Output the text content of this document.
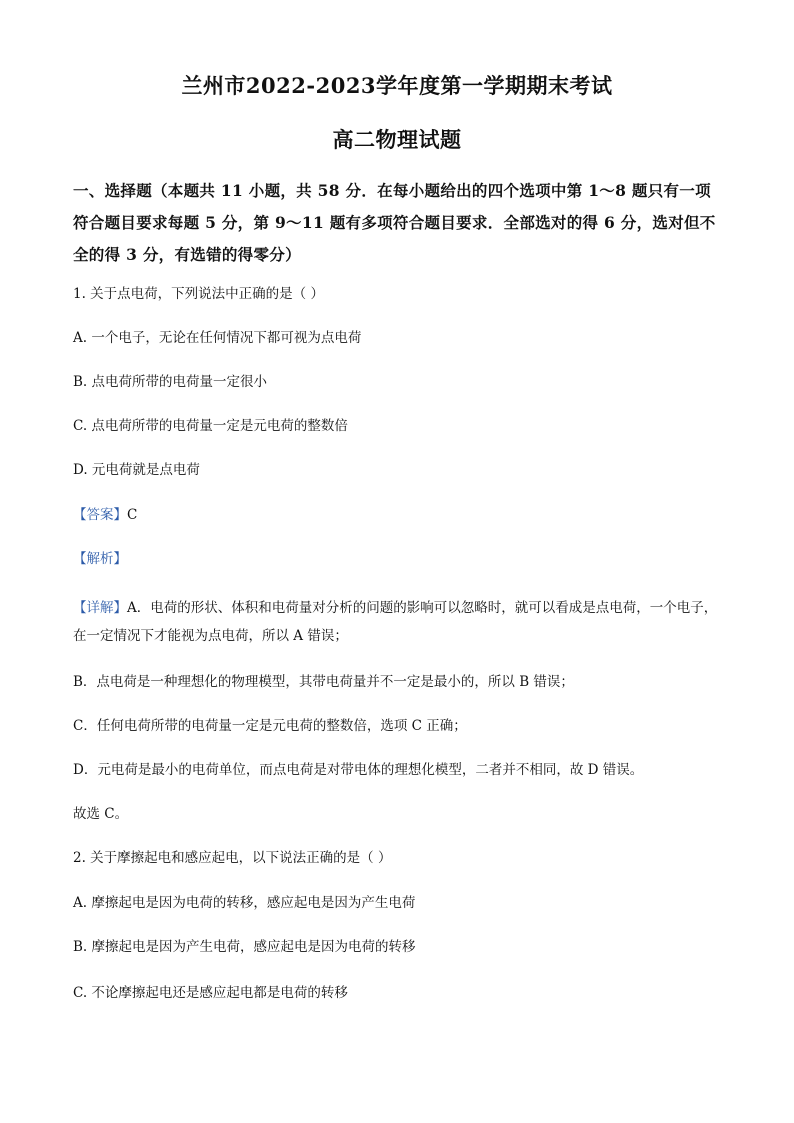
兰州市2022-2023学年度第一学期期末考试
高二物理试题
一、选择题（本题共 11 小题，共 58 分．在每小题给出的四个选项中第 1～8 题只有一项符合题目要求每题 5 分，第 9～11 题有多项符合题目要求．全部选对的得 6 分，选对但不全的得 3 分，有选错的得零分）
1. 关于点电荷，下列说法中正确的是（ ）
A. 一个电子，无论在任何情况下都可视为点电荷
B. 点电荷所带的电荷量一定很小
C. 点电荷所带的电荷量一定是元电荷的整数倍
D. 元电荷就是点电荷
【答案】C
【解析】
【详解】A．电荷的形状、体积和电荷量对分析的问题的影响可以忽略时，就可以看成是点电荷，一个电子，在一定情况下才能视为点电荷，所以 A 错误；
B．点电荷是一种理想化的物理模型，其带电荷量并不一定是最小的，所以 B 错误；
C．任何电荷所带的电荷量一定是元电荷的整数倍，选项 C 正确；
D．元电荷是最小的电荷单位，而点电荷是对带电体的理想化模型，二者并不相同，故 D 错误。
故选 C。
2. 关于摩擦起电和感应起电，以下说法正确的是（ ）
A. 摩擦起电是因为电荷的转移，感应起电是因为产生电荷
B. 摩擦起电是因为产生电荷，感应起电是因为电荷的转移
C. 不论摩擦起电还是感应起电都是电荷的转移
